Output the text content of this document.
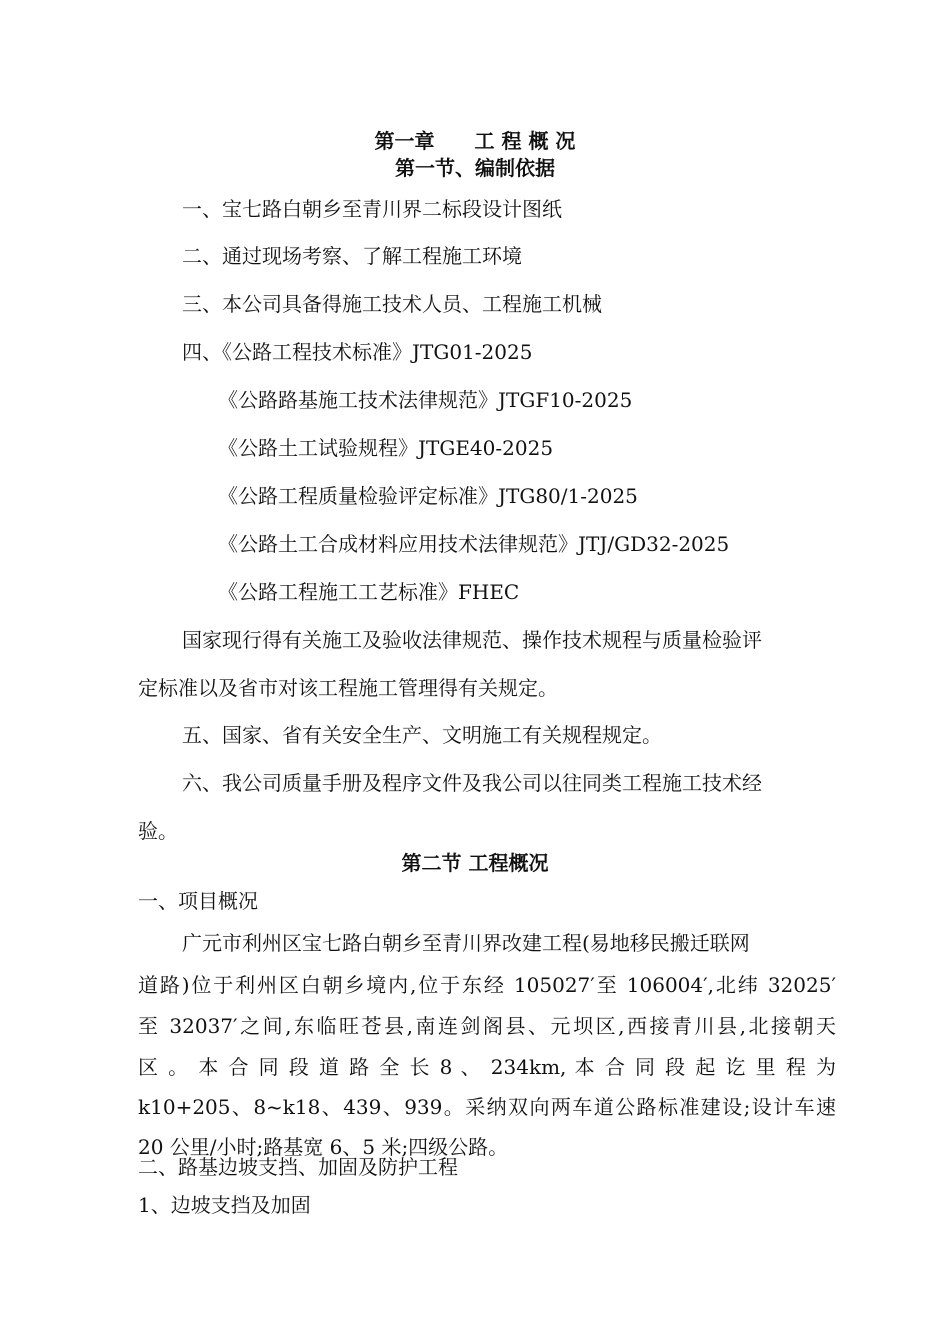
第一章　　工 程 概 况
第一节、编制依据

一、宝七路白朝乡至青川界二标段设计图纸

二、通过现场考察、了解工程施工环境

三、本公司具备得施工技术人员、工程施工机械

四、《公路工程技术标准》JTG01-2025

《公路路基施工技术法律规范》JTGF10-2025

《公路土工试验规程》JTGE40-2025

《公路工程质量检验评定标准》JTG80/1-2025

《公路土工合成材料应用技术法律规范》JTJ/GD32-2025

《公路工程施工工艺标准》FHEC

国家现行得有关施工及验收法律规范、操作技术规程与质量检验评

定标准以及省市对该工程施工管理得有关规定。

五、国家、省有关安全生产、文明施工有关规程规定。

六、我公司质量手册及程序文件及我公司以往同类工程施工技术经

验。

第二节 工程概况

一、项目概况

广元市利州区宝七路白朝乡至青川界改建工程(易地移民搬迁联网

道路)位于利州区白朝乡境内,位于东经 105027′至 106004′,北纬 32025′

至 32037′之间,东临旺苍县,南连剑阁县、元坝区,西接青川县,北接朝天

区 。 本 合 同 段 道 路 全 长 8 、 234km, 本 合 同 段 起 讫 里 程 为

k10+205、8~k18、439、939。采纳双向两车道公路标准建设;设计车速

20 公里/小时;路基宽 6、5 米;四级公路。

二、路基边坡支挡、加固及防护工程

1、边坡支挡及加固
